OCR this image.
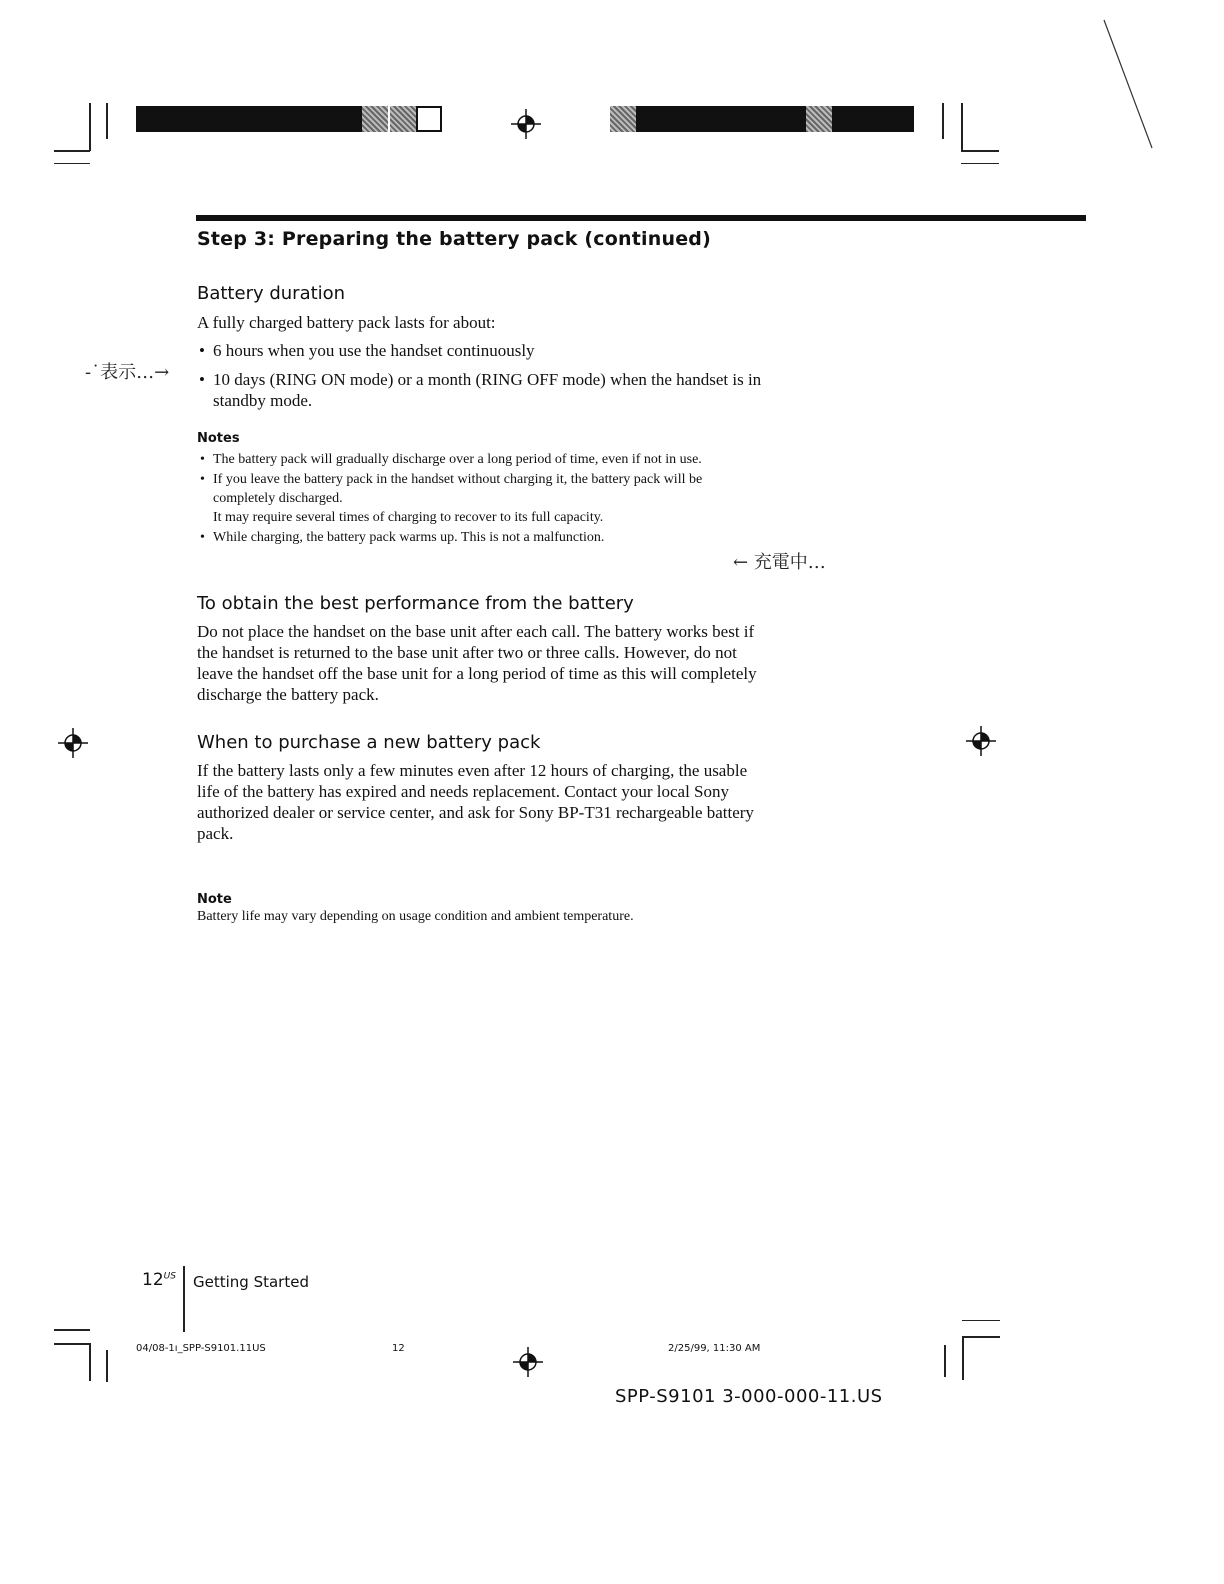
Step 3: Preparing the battery pack (continued)
Battery duration

A fully charged battery pack lasts for about:

• 6 hours when you use the handset continuously
• 10 days (RING ON mode) or a month (RING OFF mode) when the handset is in standby mode.
-˙表示…→
Notes
• The battery pack will gradually discharge over a long period of time, even if not in use.
• If you leave the battery pack in the handset without charging it, the battery pack will be completely discharged.
It may require several times of charging to recover to its full capacity.
• While charging, the battery pack warms up. This is not a malfunction.
← 充電中…
To obtain the best performance from the battery

Do not place the handset on the base unit after each call. The battery works best if the handset is returned to the base unit after two or three calls. However, do not leave the handset off the base unit for a long period of time as this will completely discharge the battery pack.

When to purchase a new battery pack

If the battery lasts only a few minutes even after 12 hours of charging, the usable life of the battery has expired and needs replacement. Contact your local Sony authorized dealer or service center, and ask for Sony BP-T31 rechargeable battery pack.

Note
Battery life may vary depending on usage condition and ambient temperature.
$12^{US}$ Getting Started
04/08-1ı_SPP-S9101.11US	12	2/25/99, 11:30 AM
SPP-S9101 3-000-000-11.US
